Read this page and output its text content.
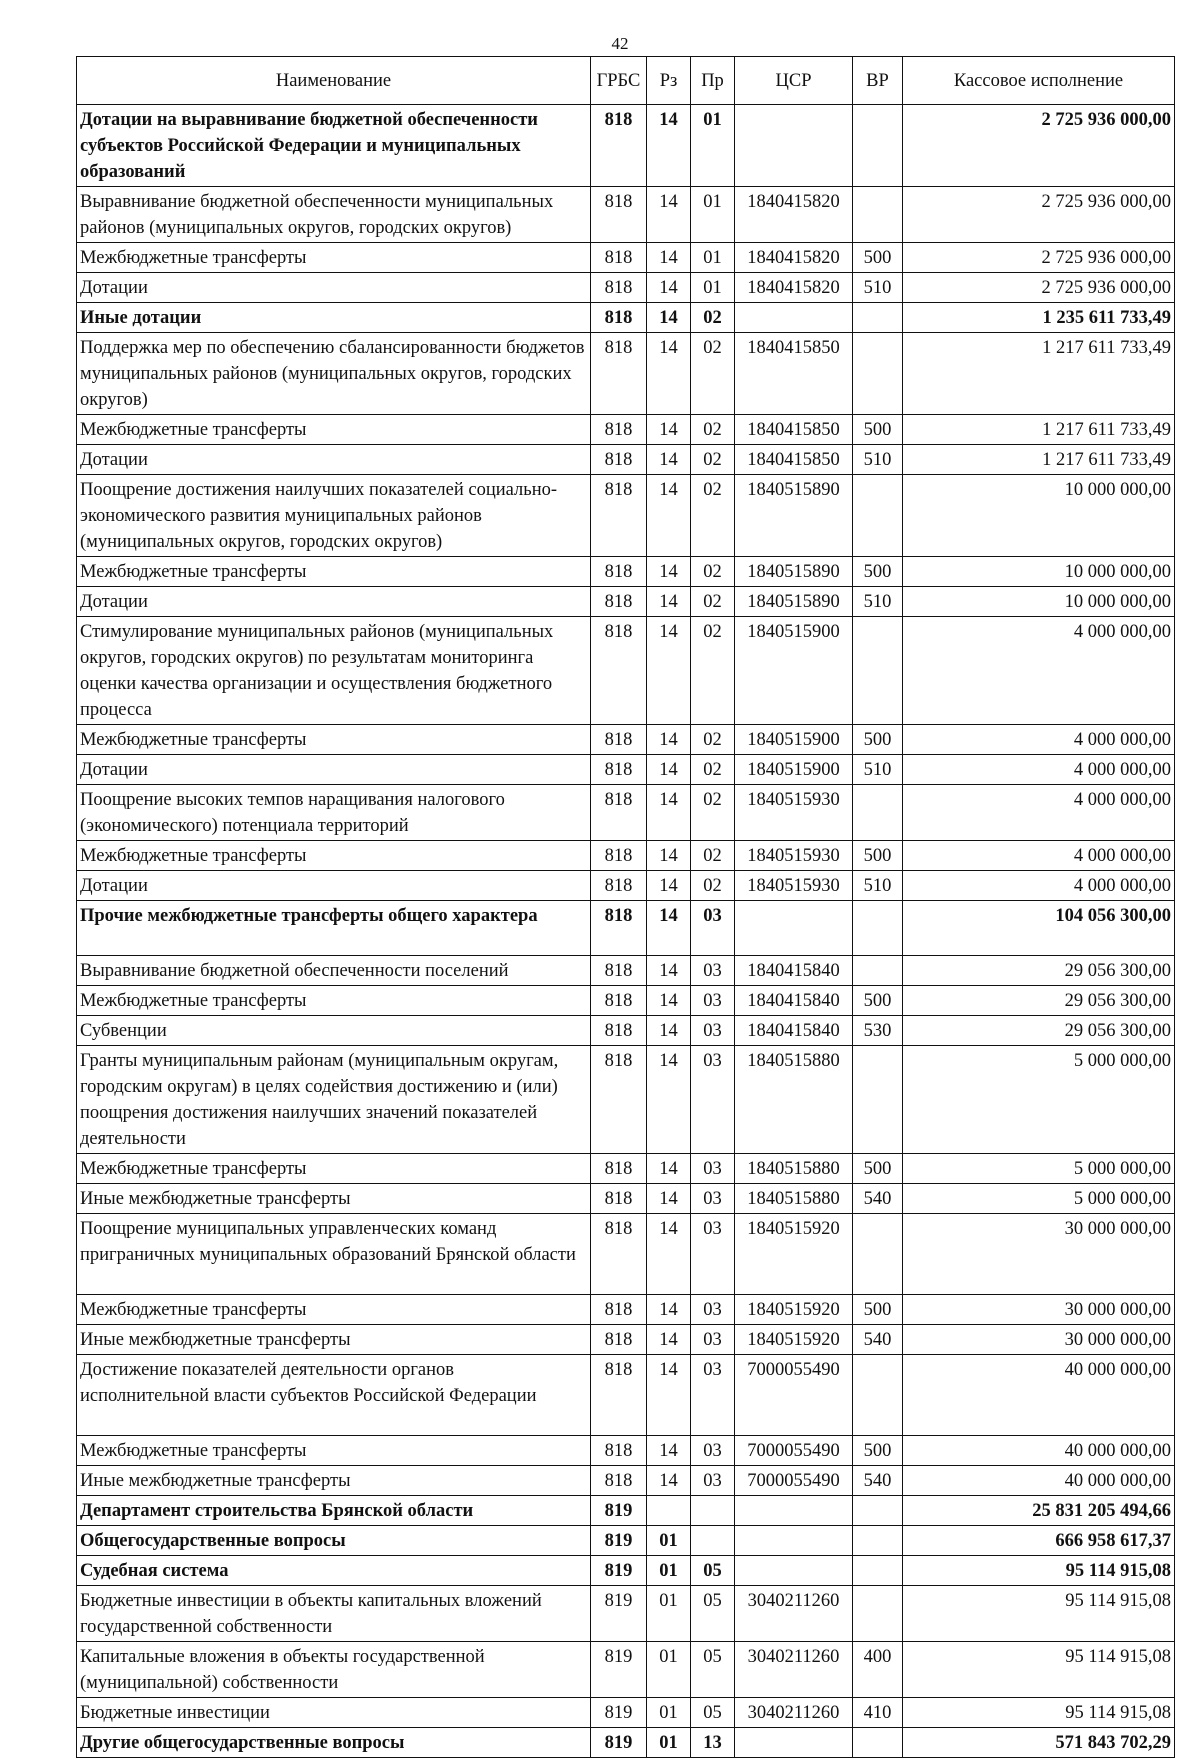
42
Наименование	ГРБС	Рз	Пр	ЦСР	ВР	Кассовое исполнение
Дотации на выравнивание бюджетной обеспеченности субъектов Российской Федерации и муниципальных образований	818	14	01			2 725 936 000,00
Выравнивание бюджетной обеспеченности муниципальных районов (муниципальных округов, городских округов)	818	14	01	1840415820		2 725 936 000,00
Межбюджетные трансферты	818	14	01	1840415820	500	2 725 936 000,00
Дотации	818	14	01	1840415820	510	2 725 936 000,00
Иные дотации	818	14	02			1 235 611 733,49
Поддержка мер по обеспечению сбалансированности бюджетов муниципальных районов (муниципальных округов, городских округов)	818	14	02	1840415850		1 217 611 733,49
Межбюджетные трансферты	818	14	02	1840415850	500	1 217 611 733,49
Дотации	818	14	02	1840415850	510	1 217 611 733,49
Поощрение достижения наилучших показателей социально-экономического развития муниципальных районов (муниципальных округов, городских округов)	818	14	02	1840515890		10 000 000,00
Межбюджетные трансферты	818	14	02	1840515890	500	10 000 000,00
Дотации	818	14	02	1840515890	510	10 000 000,00
Стимулирование муниципальных районов (муниципальных округов, городских округов) по результатам мониторинга оценки качества организации и осуществления бюджетного процесса	818	14	02	1840515900		4 000 000,00
Межбюджетные трансферты	818	14	02	1840515900	500	4 000 000,00
Дотации	818	14	02	1840515900	510	4 000 000,00
Поощрение высоких темпов наращивания налогового (экономического) потенциала территорий	818	14	02	1840515930		4 000 000,00
Межбюджетные трансферты	818	14	02	1840515930	500	4 000 000,00
Дотации	818	14	02	1840515930	510	4 000 000,00
Прочие межбюджетные трансферты общего характера	818	14	03			104 056 300,00
Выравнивание бюджетной обеспеченности поселений	818	14	03	1840415840		29 056 300,00
Межбюджетные трансферты	818	14	03	1840415840	500	29 056 300,00
Субвенции	818	14	03	1840415840	530	29 056 300,00
Гранты муниципальным районам (муниципальным округам, городским округам) в целях содействия достижению и (или) поощрения достижения наилучших значений показателей деятельности	818	14	03	1840515880		5 000 000,00
Межбюджетные трансферты	818	14	03	1840515880	500	5 000 000,00
Иные межбюджетные трансферты	818	14	03	1840515880	540	5 000 000,00
Поощрение муниципальных управленческих команд приграничных муниципальных образований Брянской области	818	14	03	1840515920		30 000 000,00
Межбюджетные трансферты	818	14	03	1840515920	500	30 000 000,00
Иные межбюджетные трансферты	818	14	03	1840515920	540	30 000 000,00
Достижение показателей деятельности органов исполнительной власти субъектов Российской Федерации	818	14	03	7000055490		40 000 000,00
Межбюджетные трансферты	818	14	03	7000055490	500	40 000 000,00
Иные межбюджетные трансферты	818	14	03	7000055490	540	40 000 000,00
Департамент строительства Брянской области	819					25 831 205 494,66
Общегосударственные вопросы	819	01				666 958 617,37
Судебная система	819	01	05			95 114 915,08
Бюджетные инвестиции в объекты капитальных вложений государственной собственности	819	01	05	3040211260		95 114 915,08
Капитальные вложения в объекты государственной (муниципальной) собственности	819	01	05	3040211260	400	95 114 915,08
Бюджетные инвестиции	819	01	05	3040211260	410	95 114 915,08
Другие общегосударственные вопросы	819	01	13			571 843 702,29
